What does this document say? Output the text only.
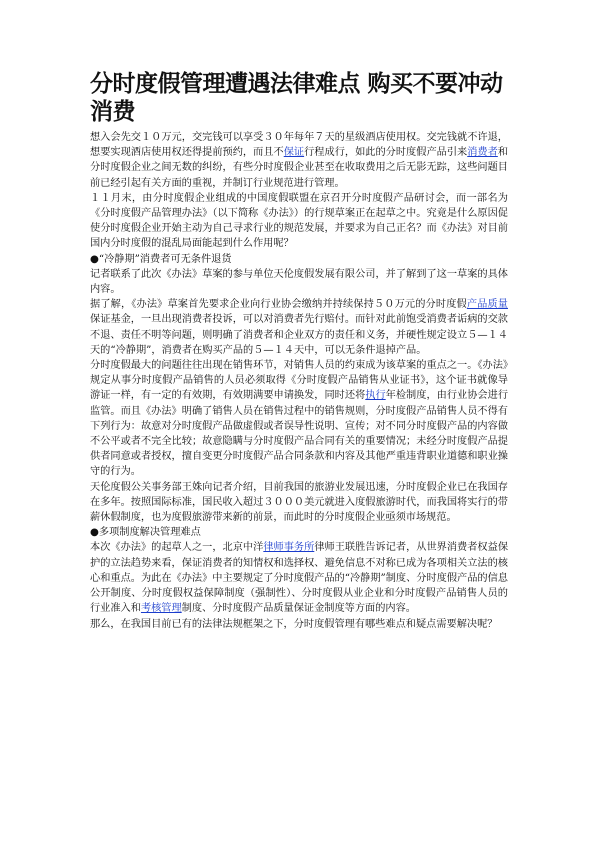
分时度假管理遭遇法律难点 购买不要冲动消费

想入会先交１０万元，交完钱可以享受３０年每年７天的星级酒店使用权。交完钱就不许退，想要实现酒店使用权还得提前预约，而且不保证行程成行，如此的分时度假产品引来消费者和分时度假企业之间无数的纠纷，有些分时度假企业甚至在收取费用之后无影无踪，这些问题目前已经引起有关方面的重视，并制订行业规范进行管理。

１１月末，由分时度假企业组成的中国度假联盟在京召开分时度假产品研讨会，而一部名为《分时度假产品管理办法》（以下简称《办法》）的行规草案正在起草之中。究竟是什么原因促使分时度假企业开始主动为自己寻求行业的规范发展，并要求为自己正名？而《办法》对目前国内分时度假的混乱局面能起到什么作用呢？

●“冷静期”消费者可无条件退货

记者联系了此次《办法》草案的参与单位天伦度假发展有限公司，并了解到了这一草案的具体内容。

据了解，《办法》草案首先要求企业向行业协会缴纳并持续保持５０万元的分时度假产品质量保证基金，一旦出现消费者投诉，可以对消费者先行赔付。而针对此前饱受消费者诟病的交款不退、责任不明等问题，则明确了消费者和企业双方的责任和义务，并硬性规定设立５—１４天的“冷静期”，消费者在购买产品的５—１４天中，可以无条件退掉产品。

分时度假最大的问题往往出现在销售环节，对销售人员的约束成为该草案的重点之一。《办法》规定从事分时度假产品销售的人员必须取得《分时度假产品销售从业证书》，这个证书就像导游证一样，有一定的有效期，有效期满要申请换发，同时还将执行年检制度，由行业协会进行监管。而且《办法》明确了销售人员在销售过程中的销售规则，分时度假产品销售人员不得有下列行为：故意对分时度假产品做虚假或者误导性说明、宣传；对不同分时度假产品的内容做不公平或者不完全比较；故意隐瞒与分时度假产品合同有关的重要情况；未经分时度假产品提供者同意或者授权，擅自变更分时度假产品合同条款和内容及其他严重违背职业道德和职业操守的行为。

天伦度假公关事务部王姝向记者介绍，目前我国的旅游业发展迅速，分时度假企业已在我国存在多年。按照国际标准，国民收入超过３０００美元就进入度假旅游时代，而我国将实行的带薪休假制度，也为度假旅游带来新的前景，而此时的分时度假企业亟须市场规范。

●多项制度解决管理难点

本次《办法》的起草人之一，北京中洋律师事务所律师王联胜告诉记者，从世界消费者权益保护的立法趋势来看，保证消费者的知情权和选择权、避免信息不对称已成为各项相关立法的核心和重点。为此在《办法》中主要规定了分时度假产品的“冷静期”制度、分时度假产品的信息公开制度、分时度假权益保障制度（强制性）、分时度假从业企业和分时度假产品销售人员的行业准入和考核管理制度、分时度假产品质量保证金制度等方面的内容。

那么，在我国目前已有的法律法规框架之下，分时度假管理有哪些难点和疑点需要解决呢？
